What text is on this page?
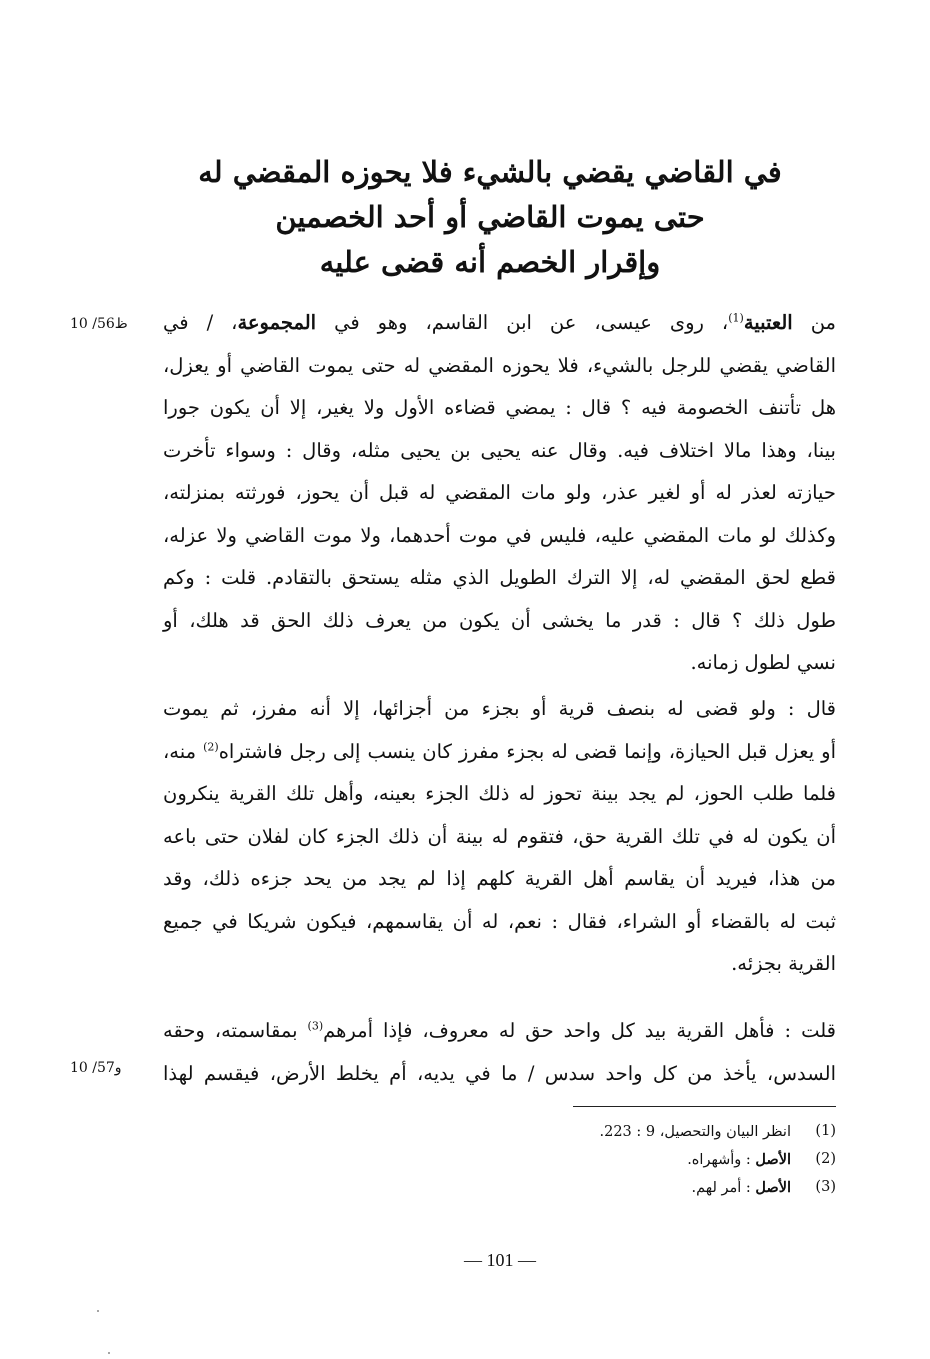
في القاضي يقضي بالشيء فلا يحوزه المقضي له
حتى يموت القاضي أو أحد الخصمين
وإقرار الخصم أنه قضى عليه
10 /56ظ	من العتبية$^{(1)}$، روى عيسى، عن ابن القاسم، وهو في المجموعة، / في
القاضي يقضي للرجل بالشيء، فلا يحوزه المقضي له حتى يموت القاضي أو يعزل،
هل تأتنف الخصومة فيه ؟ قال : يمضي قضاءه الأول ولا يغير، إلا أن يكون جورا
بينا، وهذا مالا اختلاف فيه. وقال عنه يحيى بن يحيى مثله، وقال : وسواء تأخرت
حيازته لعذر له أو لغير عذر، ولو مات المقضي له قبل أن يحوز، فورثته بمنزلته،
وكذلك لو مات المقضي عليه، فليس في موت أحدهما، ولا موت القاضي ولا عزله،
قطع لحق المقضي له، إلا الترك الطويل الذي مثله يستحق بالتقادم. قلت : وكم
طول ذلك ؟ قال : قدر ما يخشى أن يكون من يعرف ذلك الحق قد هلك، أو
نسي لطول زمانه.
قال : ولو قضى له بنصف قرية أو بجزء من أجزائها، إلا أنه مفرز، ثم يموت
أو يعزل قبل الحيازة، وإنما قضى له بجزء مفرز كان ينسب إلى رجل فاشتراه$^{(2)}$ منه،
فلما طلب الحوز، لم يجد بينة تحوز له ذلك الجزء بعينه، وأهل تلك القرية ينكرون
أن يكون له في تلك القرية حق، فتقوم له بينة أن ذلك الجزء كان لفلان حتى باعه
من هذا، فيريد أن يقاسم أهل القرية كلهم إذا لم يجد من يحد جزءه ذلك، وقد
ثبت له بالقضاء أو الشراء، فقال : نعم، له أن يقاسمهم، فيكون شريكا في جميع
القرية بجزئه.
قلت : فأهل القرية بيد كل واحد حق له معروف، فإذا أمرهم$^{(3)}$ بمقاسمته، وحقه
السدس، يأخذ من كل واحد سدس / ما في يديه، أم يخلط الأرض، فيقسم لهذا
10 /57و
(1)
انظر البيان والتحصيل، 9 : 223.
(2)
الأصل : وأشهراه.
(3)
الأصل : أمر لهم.
— 101 —
